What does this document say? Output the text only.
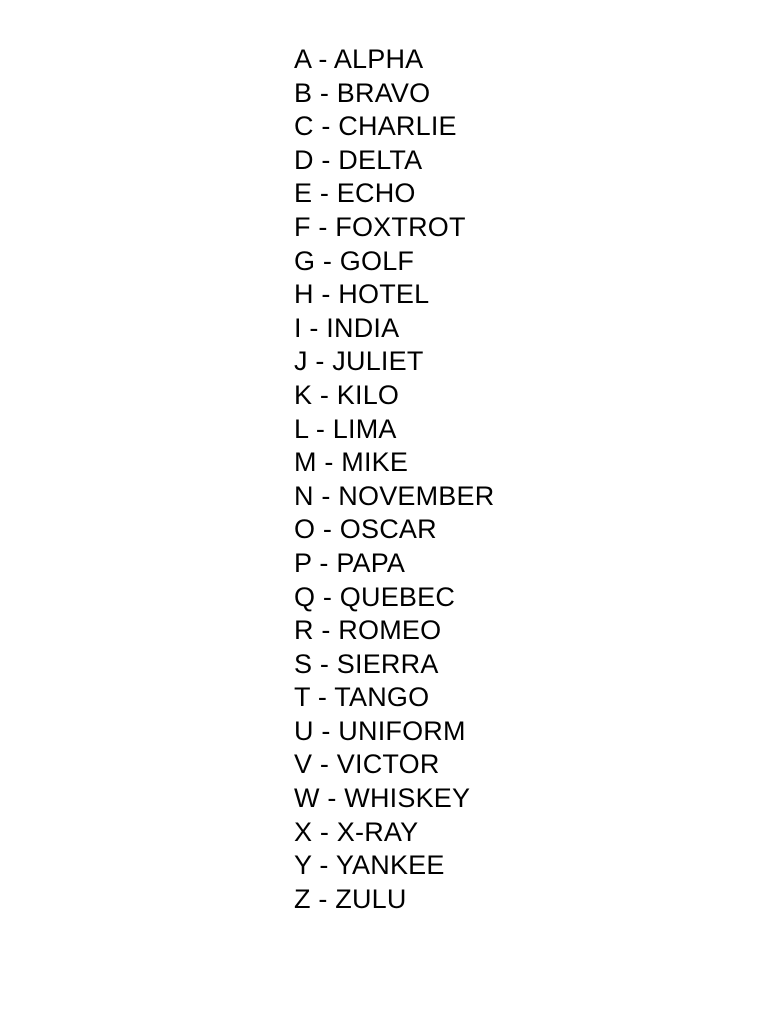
A - ALPHA
B - BRAVO
C - CHARLIE
D - DELTA
E - ECHO
F - FOXTROT
G - GOLF
H - HOTEL
I - INDIA
J - JULIET
K - KILO
L - LIMA
M - MIKE
N - NOVEMBER
O - OSCAR
P - PAPA
Q - QUEBEC
R - ROMEO
S - SIERRA
T - TANGO
U - UNIFORM
V - VICTOR
W - WHISKEY
X - X-RAY
Y - YANKEE
Z - ZULU
